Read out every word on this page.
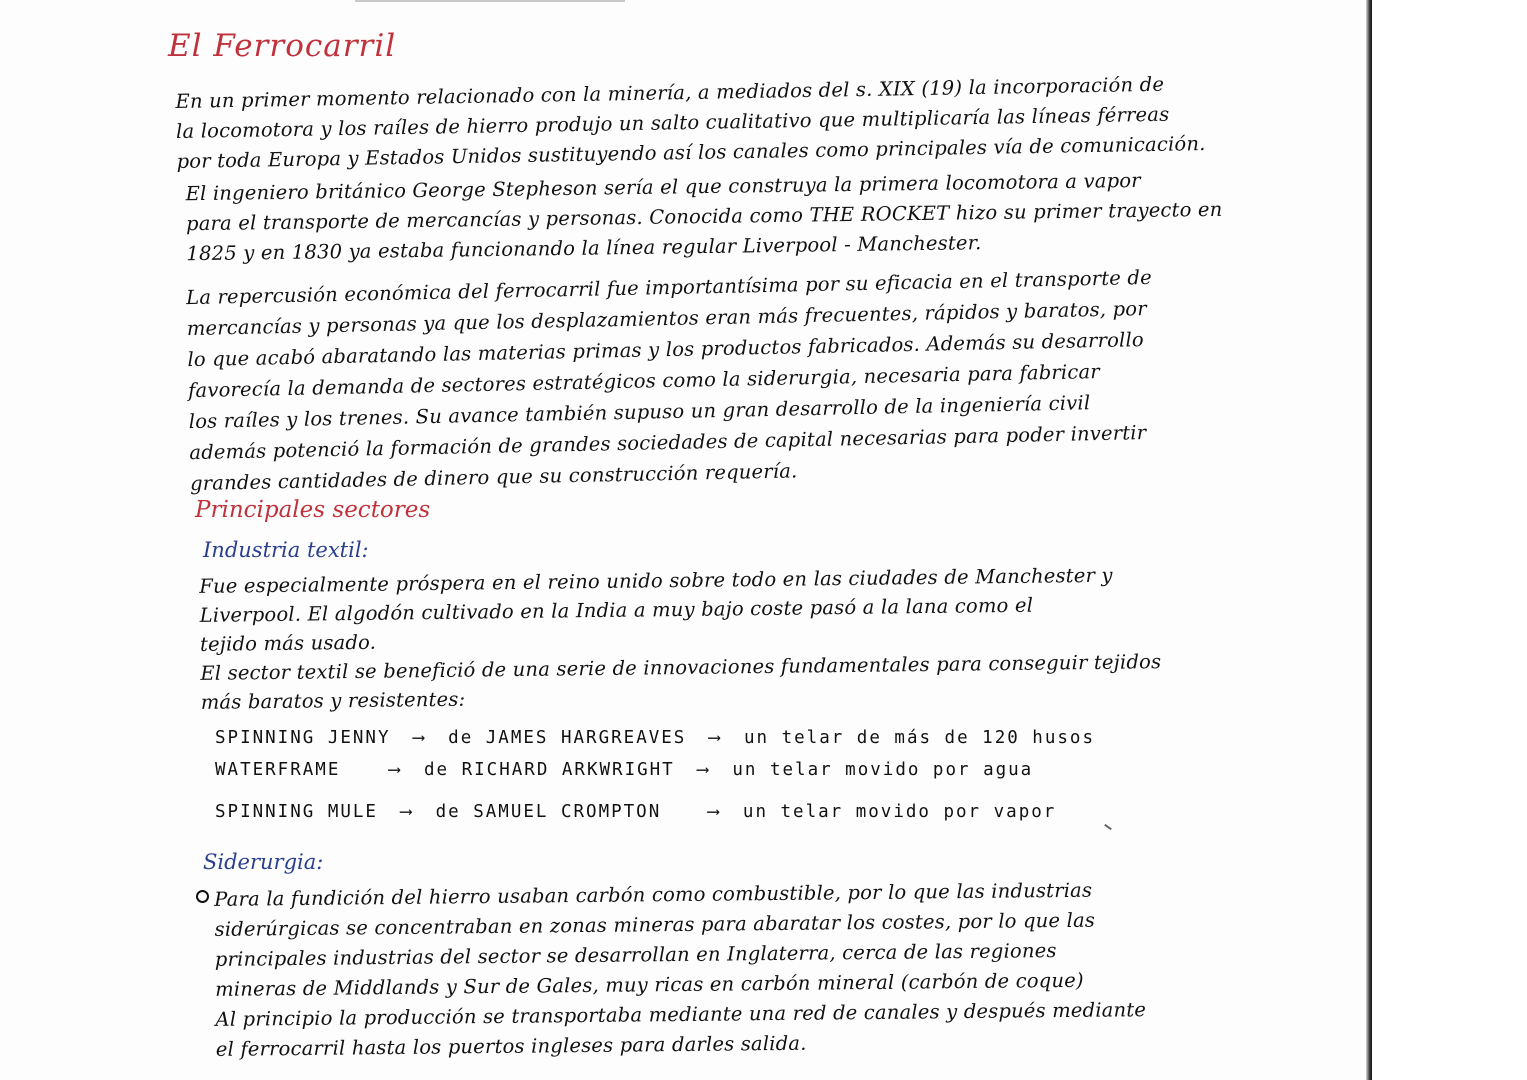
El Ferrocarril
En un primer momento relacionado con la minería, a mediados del s. XIX (19) la incorporación de
la locomotora y los raíles de hierro produjo un salto cualitativo que multiplicaría las líneas férreas
por toda Europa y Estados Unidos sustituyendo así los canales como principales vía de comunicación.
El ingeniero británico George Stepheson sería el que construya la primera locomotora a vapor
para el transporte de mercancías y personas. Conocida como THE ROCKET hizo su primer trayecto en
1825 y en 1830 ya estaba funcionando la línea regular Liverpool - Manchester.
La repercusión económica del ferrocarril fue importantísima por su eficacia en el transporte de
mercancías y personas ya que los desplazamientos eran más frecuentes, rápidos y baratos, por
lo que acabó abaratando las materias primas y los productos fabricados. Además su desarrollo
favorecía la demanda de sectores estratégicos como la siderurgia, necesaria para fabricar
los raíles y los trenes. Su avance también supuso un gran desarrollo de la ingeniería civil
además potenció la formación de grandes sociedades de capital necesarias para poder invertir
grandes cantidades de dinero que su construcción requería.
Principales sectores
Industria textil:
Fue especialmente próspera en el reino unido sobre todo en las ciudades de Manchester y
Liverpool. El algodón cultivado en la India a muy bajo coste pasó a la lana como el
tejido más usado.
El sector textil se benefició de una serie de innovaciones fundamentales para conseguir tejidos
más baratos y resistentes:
SPINNING JENNY ⟶ de JAMES HARGREAVES ⟶ un telar de más de 120 husos
WATERFRAME	⟶ de RICHARD ARKWRIGHT ⟶ un telar movido por agua
SPINNING MULE ⟶ de SAMUEL CROMPTON	⟶ un telar movido por vapor
Siderurgia:
Para la fundición del hierro usaban carbón como combustible, por lo que las industrias
siderúrgicas se concentraban en zonas mineras para abaratar los costes, por lo que las
principales industrias del sector se desarrollan en Inglaterra, cerca de las regiones
mineras de Middlands y Sur de Gales, muy ricas en carbón mineral (carbón de coque)
Al principio la producción se transportaba mediante una red de canales y después mediante
el ferrocarril hasta los puertos ingleses para darles salida.
